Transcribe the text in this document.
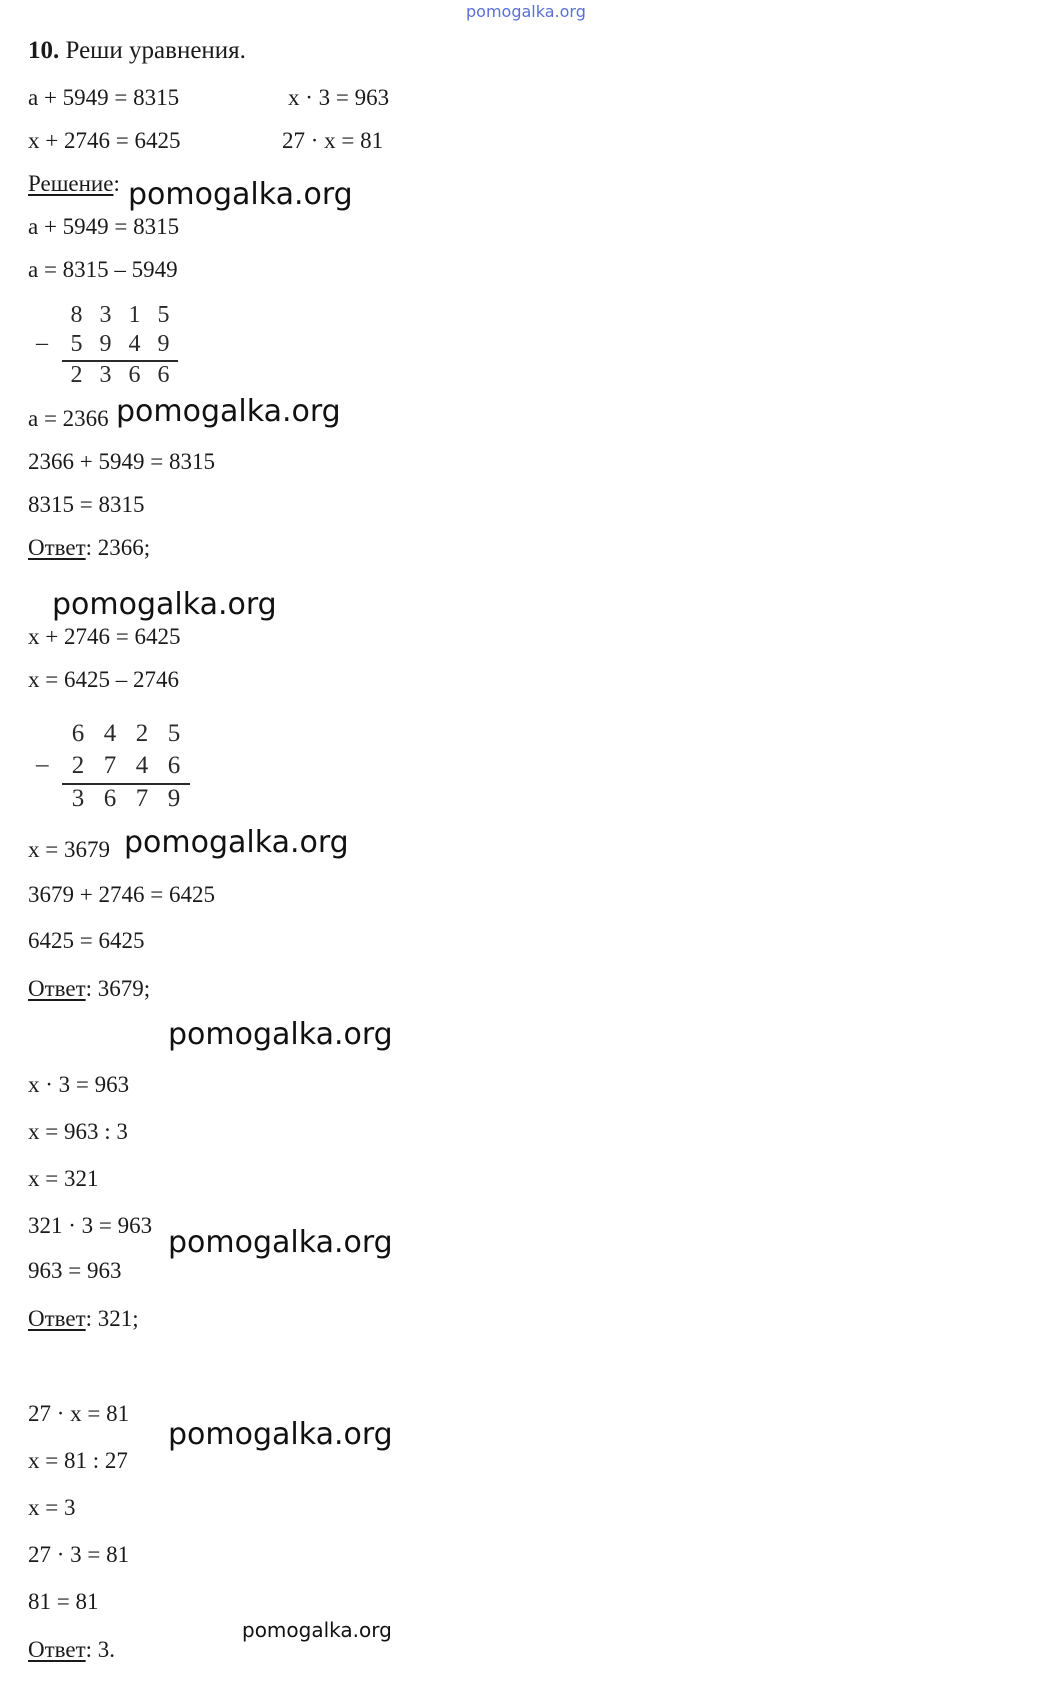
pomogalka.org
10. Реши уравнения.
a + 5949 = 8315	x · 3 = 963
x + 2746 = 6425	27 · x = 81
Решение: pomogalka.org
a + 5949 = 8315
a = 8315 – 5949
–
8 3 1 5
5 9 4 9
2 3 6 6
a = 2366 pomogalka.org
2366 + 5949 = 8315
8315 = 8315
Ответ: 2366;
pomogalka.org
x + 2746 = 6425
x = 6425 – 2746
–
6 4 2 5
2 7 4 6
3 6 7 9
x = 3679 pomogalka.org
3679 + 2746 = 6425
6425 = 6425
Ответ: 3679;
pomogalka.org
x · 3 = 963
x = 963 : 3
x = 321
321 · 3 = 963 pomogalka.org
963 = 963
Ответ: 321;
27 · x = 81
pomogalka.org
x = 81 : 27
x = 3
27 · 3 = 81
81 = 81
pomogalka.org
Ответ: 3.
